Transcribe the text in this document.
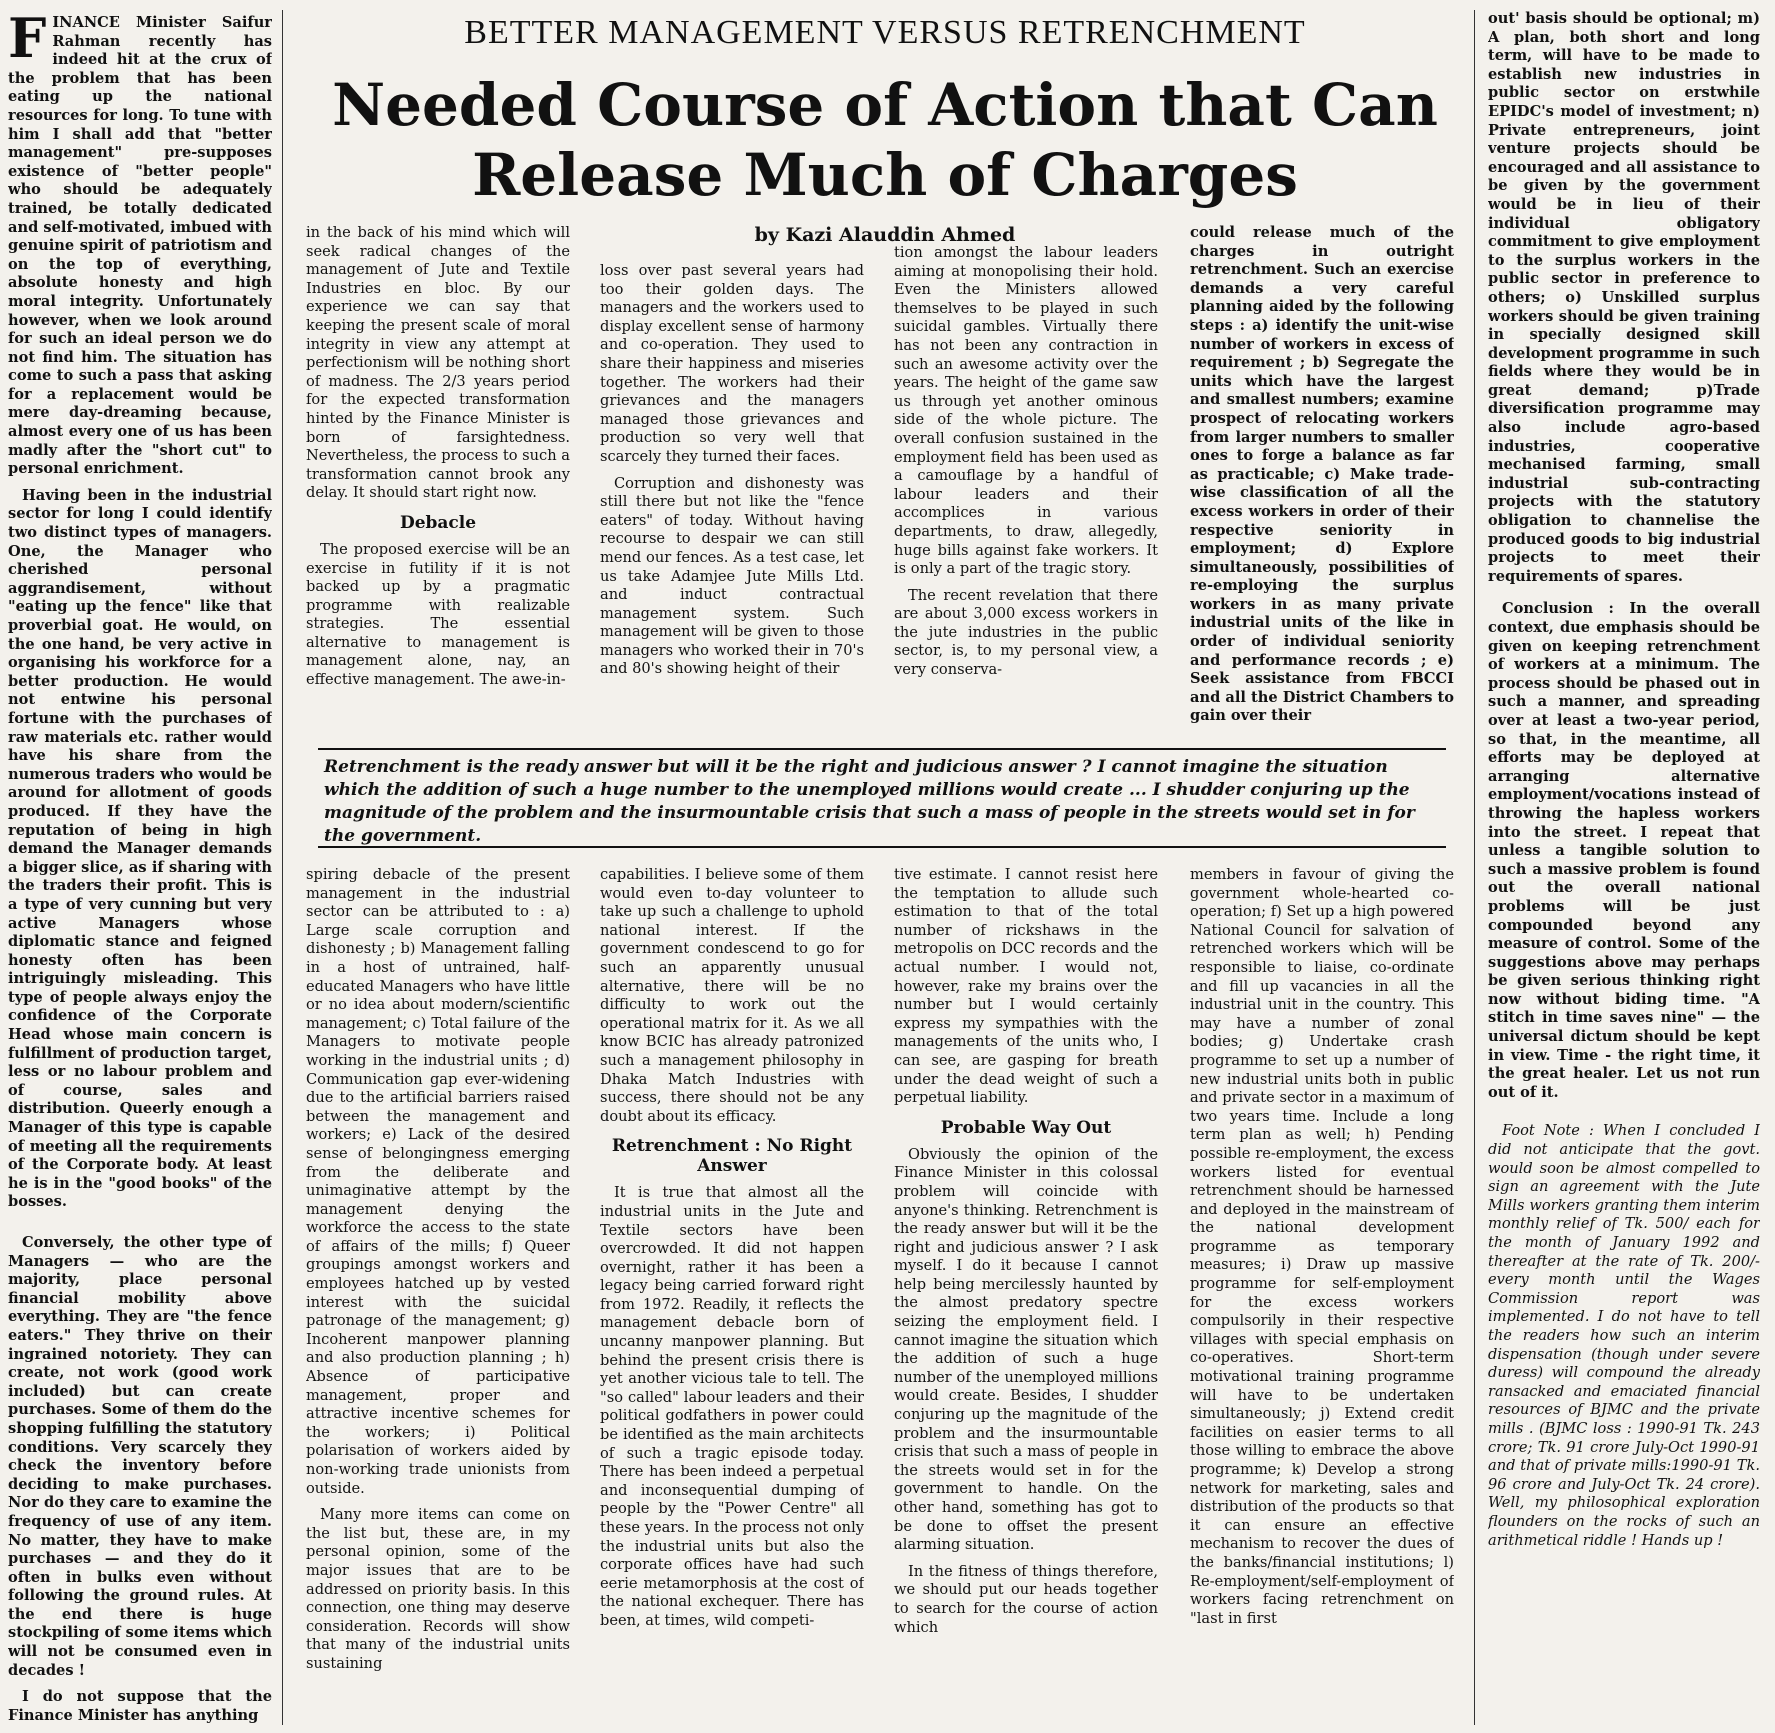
FINANCE Minister Saifur Rahman recently has indeed hit at the crux of the problem that has been eating up the national resources for long. To tune with him I shall add that "better management" pre-supposes existence of "better people" who should be adequately trained, be totally dedicated and self-motivated, imbued with genuine spirit of patriotism and on the top of everything, absolute honesty and high moral integrity. Unfortunately however, when we look around for such an ideal person we do not find him. The situation has come to such a pass that asking for a replacement would be mere day-dreaming because, almost every one of us has been madly after the "short cut" to personal enrichment.

Having been in the industrial sector for long I could identify two distinct types of managers. One, the Manager who cherished personal aggrandisement, without "eating up the fence" like that proverbial goat. He would, on the one hand, be very active in organising his workforce for a better production. He would not entwine his personal fortune with the purchases of raw materials etc. rather would have his share from the numerous traders who would be around for allotment of goods produced. If they have the reputation of being in high demand the Manager demands a bigger slice, as if sharing with the traders their profit. This is a type of very cunning but very active Managers whose diplomatic stance and feigned honesty often has been intriguingly misleading. This type of people always enjoy the confidence of the Corporate Head whose main concern is fulfillment of production target, less or no labour problem and of course, sales and distribution. Queerly enough a Manager of this type is capable of meeting all the requirements of the Corporate body. At least he is in the "good books" of the bosses.

Conversely, the other type of Managers — who are the majority, place personal financial mobility above everything. They are "the fence eaters." They thrive on their ingrained notoriety. They can create, not work (good work included) but can create purchases. Some of them do the shopping fulfilling the statutory conditions. Very scarcely they check the inventory before deciding to make purchases. Nor do they care to examine the frequency of use of any item. No matter, they have to make purchases — and they do it often in bulks even without following the ground rules. At the end there is huge stockpiling of some items which will not be consumed even in decades !

I do not suppose that the Finance Minister has anything

BETTER MANAGEMENT VERSUS RETRENCHMENT
Needed Course of Action that Can Release Much of Charges
by Kazi Alauddin Ahmed

in the back of his mind which will seek radical changes of the management of Jute and Textile Industries en bloc. By our experience we can say that keeping the present scale of moral integrity in view any attempt at perfectionism will be nothing short of madness. The 2/3 years period for the expected transformation hinted by the Finance Minister is born of farsightedness. Nevertheless, the process to such a transformation cannot brook any delay. It should start right now.

Debacle

The proposed exercise will be an exercise in futility if it is not backed up by a pragmatic programme with realizable strategies. The essential alternative to management is management alone, nay, an effective management. The awe-in-

loss over past several years had too their golden days. The managers and the workers used to display excellent sense of harmony and co-operation. They used to share their happiness and miseries together. The workers had their grievances and the managers managed those grievances and production so very well that scarcely they turned their faces.

Corruption and dishonesty was still there but not like the "fence eaters" of today. Without having recourse to despair we can still mend our fences. As a test case, let us take Adamjee Jute Mills Ltd. and induct contractual management system. Such management will be given to those managers who worked their in 70's and 80's showing height of their

tion amongst the labour leaders aiming at monopolising their hold. Even the Ministers allowed themselves to be played in such suicidal gambles. Virtually there has not been any contraction in such an awesome activity over the years. The height of the game saw us through yet another ominous side of the whole picture. The overall confusion sustained in the employment field has been used as a camouflage by a handful of labour leaders and their accomplices in various departments, to draw, allegedly, huge bills against fake workers. It is only a part of the tragic story.

The recent revelation that there are about 3,000 excess workers in the jute industries in the public sector, is, to my personal view, a very conserva-

could release much of the charges in outright retrenchment. Such an exercise demands a very careful planning aided by the following steps : a) identify the unit-wise number of workers in excess of requirement ; b) Segregate the units which have the largest and smallest numbers; examine prospect of relocating workers from larger numbers to smaller ones to forge a balance as far as practicable; c) Make trade-wise classification of all the excess workers in order of their respective seniority in employment; d) Explore simultaneously, possibilities of re-employing the surplus workers in as many private industrial units of the like in order of individual seniority and performance records ; e) Seek assistance from FBCCI and all the District Chambers to gain over their

Retrenchment is the ready answer but will it be the right and judicious answer ? I cannot imagine the situation which the addition of such a huge number to the unemployed millions would create ... I shudder conjuring up the magnitude of the problem and the insurmountable crisis that such a mass of people in the streets would set in for the government.

spiring debacle of the present management in the industrial sector can be attributed to : a) Large scale corruption and dishonesty ; b) Management falling in a host of untrained, half-educated Managers who have little or no idea about modern/scientific management; c) Total failure of the Managers to motivate people working in the industrial units ; d) Communication gap ever-widening due to the artificial barriers raised between the management and workers; e) Lack of the desired sense of belongingness emerging from the deliberate and unimaginative attempt by the management denying the workforce the access to the state of affairs of the mills; f) Queer groupings amongst workers and employees hatched up by vested interest with the suicidal patronage of the management; g) Incoherent manpower planning and also production planning ; h) Absence of participative management, proper and attractive incentive schemes for the workers; i) Political polarisation of workers aided by non-working trade unionists from outside.

Many more items can come on the list but, these are, in my personal opinion, some of the major issues that are to be addressed on priority basis. In this connection, one thing may deserve consideration. Records will show that many of the industrial units sustaining

capabilities. I believe some of them would even to-day volunteer to take up such a challenge to uphold national interest. If the government condescend to go for such an apparently unusual alternative, there will be no difficulty to work out the operational matrix for it. As we all know BCIC has already patronized such a management philosophy in Dhaka Match Industries with success, there should not be any doubt about its efficacy.

Retrenchment : No Right Answer

It is true that almost all the industrial units in the Jute and Textile sectors have been overcrowded. It did not happen overnight, rather it has been a legacy being carried forward right from 1972. Readily, it reflects the management debacle born of uncanny manpower planning. But behind the present crisis there is yet another vicious tale to tell. The "so called" labour leaders and their political godfathers in power could be identified as the main architects of such a tragic episode today. There has been indeed a perpetual and inconsequential dumping of people by the "Power Centre" all these years. In the process not only the industrial units but also the corporate offices have had such eerie metamorphosis at the cost of the national exchequer. There has been, at times, wild competi-

tive estimate. I cannot resist here the temptation to allude such estimation to that of the total number of rickshaws in the metropolis on DCC records and the actual number. I would not, however, rake my brains over the number but I would certainly express my sympathies with the managements of the units who, I can see, are gasping for breath under the dead weight of such a perpetual liability.

Probable Way Out

Obviously the opinion of the Finance Minister in this colossal problem will coincide with anyone's thinking. Retrenchment is the ready answer but will it be the right and judicious answer ? I ask myself. I do it because I cannot help being mercilessly haunted by the almost predatory spectre seizing the employment field. I cannot imagine the situation which the addition of such a huge number of the unemployed millions would create. Besides, I shudder conjuring up the magnitude of the problem and the insurmountable crisis that such a mass of people in the streets would set in for the government to handle. On the other hand, something has got to be done to offset the present alarming situation.

In the fitness of things therefore, we should put our heads together to search for the course of action which

members in favour of giving the government whole-hearted co-operation; f) Set up a high powered National Council for salvation of retrenched workers which will be responsible to liaise, co-ordinate and fill up vacancies in all the industrial unit in the country. This may have a number of zonal bodies; g) Undertake crash programme to set up a number of new industrial units both in public and private sector in a maximum of two years time. Include a long term plan as well; h) Pending possible re-employment, the excess workers listed for eventual retrenchment should be harnessed and deployed in the mainstream of the national development programme as temporary measures; i) Draw up massive programme for self-employment for the excess workers compulsorily in their respective villages with special emphasis on co-operatives. Short-term motivational training programme will have to be undertaken simultaneously; j) Extend credit facilities on easier terms to all those willing to embrace the above programme; k) Develop a strong network for marketing, sales and distribution of the products so that it can ensure an effective mechanism to recover the dues of the banks/financial institutions; l) Re-employment/self-employment of workers facing retrenchment on "last in first

out' basis should be optional; m) A plan, both short and long term, will have to be made to establish new industries in public sector on erstwhile EPIDC's model of investment; n) Private entrepreneurs, joint venture projects should be encouraged and all assistance to be given by the government would be in lieu of their individual obligatory commitment to give employment to the surplus workers in the public sector in preference to others; o) Unskilled surplus workers should be given training in specially designed skill development programme in such fields where they would be in great demand; p)Trade diversification programme may also include agro-based industries, cooperative mechanised farming, small industrial sub-contracting projects with the statutory obligation to channelise the produced goods to big industrial projects to meet their requirements of spares.

Conclusion : In the overall context, due emphasis should be given on keeping retrenchment of workers at a minimum. The process should be phased out in such a manner, and spreading over at least a two-year period, so that, in the meantime, all efforts may be deployed at arranging alternative employment/vocations instead of throwing the hapless workers into the street. I repeat that unless a tangible solution to such a massive problem is found out the overall national problems will be just compounded beyond any measure of control. Some of the suggestions above may perhaps be given serious thinking right now without biding time. "A stitch in time saves nine" — the universal dictum should be kept in view. Time - the right time, it the great healer. Let us not run out of it.

Foot Note : When I concluded I did not anticipate that the govt. would soon be almost compelled to sign an agreement with the Jute Mills workers granting them interim monthly relief of Tk. 500/ each for the month of January 1992 and thereafter at the rate of Tk. 200/- every month until the Wages Commission report was implemented. I do not have to tell the readers how such an interim dispensation (though under severe duress) will compound the already ransacked and emaciated financial resources of BJMC and the private mills . (BJMC loss : 1990-91 Tk. 243 crore; Tk. 91 crore July-Oct 1990-91 and that of private mills:1990-91 Tk. 96 crore and July-Oct Tk. 24 crore). Well, my philosophical exploration flounders on the rocks of such an arithmetical riddle ! Hands up !
